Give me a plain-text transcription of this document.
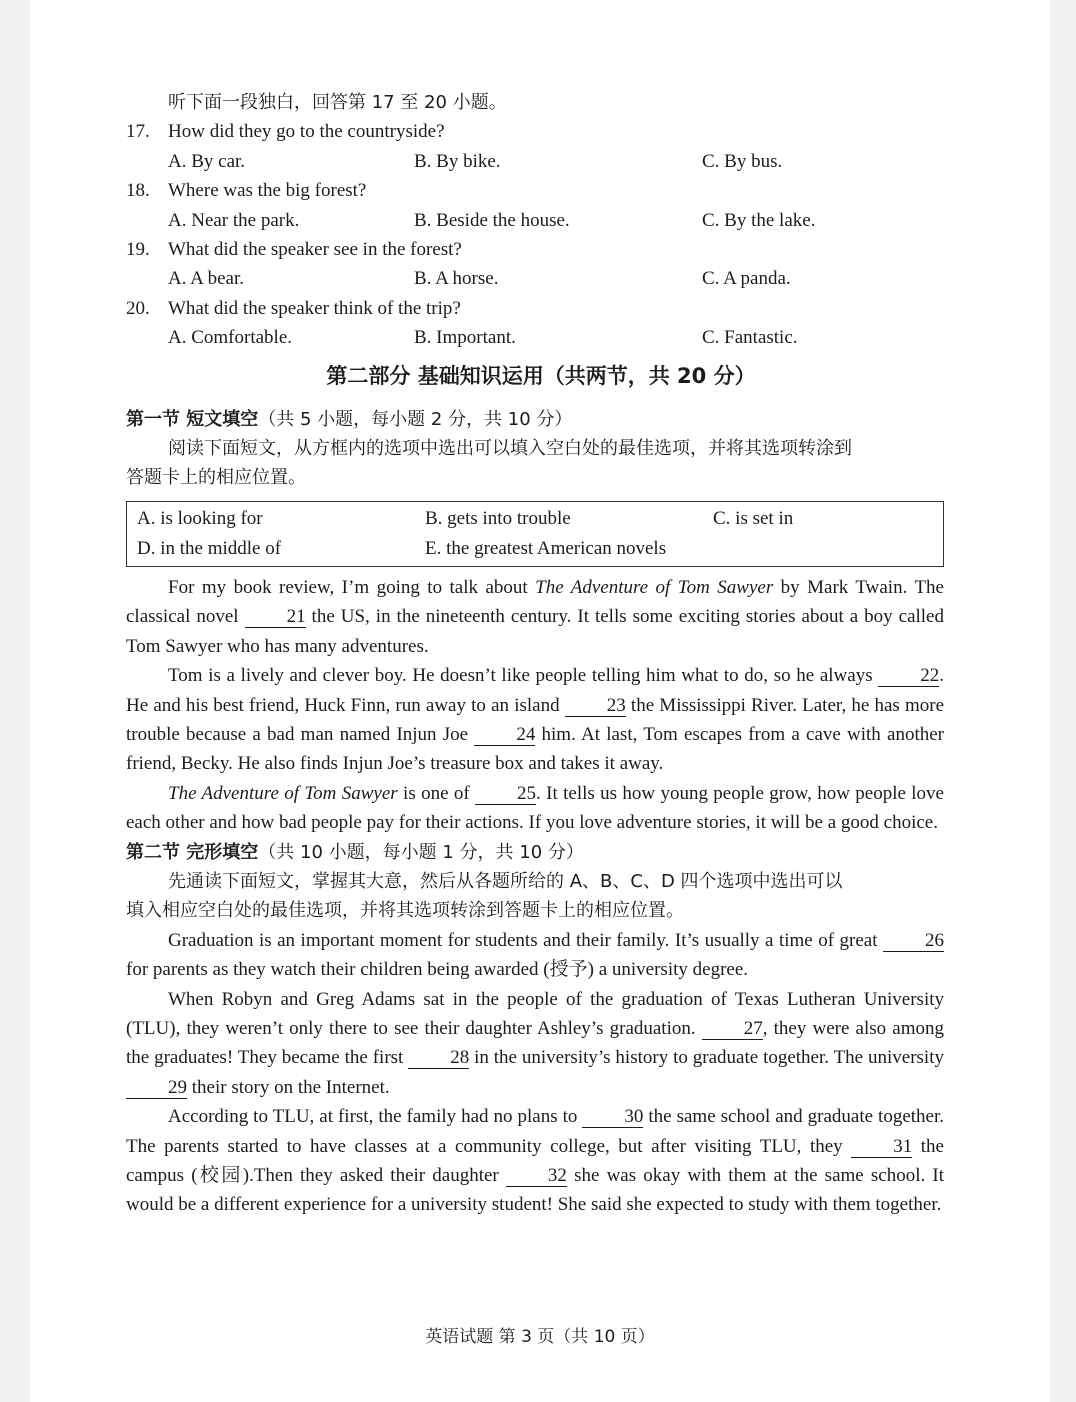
听下面一段独白，回答第 17 至 20 小题。
17. How did they go to the countryside?
A. By car.	B. By bike.	C. By bus.
18. Where was the big forest?
A. Near the park.	B. Beside the house.	C. By the lake.
19. What did the speaker see in the forest?
A. A bear.	B. A horse.	C. A panda.
20. What did the speaker think of the trip?
A. Comfortable.	B. Important.	C. Fantastic.
第二部分 基础知识运用（共两节，共 20 分）
第一节 短文填空（共 5 小题，每小题 2 分，共 10 分）
阅读下面短文，从方框内的选项中选出可以填入空白处的最佳选项，并将其选项转涂到
答题卡上的相应位置。
A. is looking for	B. gets into trouble	C. is set in
D. in the middle of	E. the greatest American novels

For my book review, I’m going to talk about The Adventure of Tom Sawyer by Mark Twain. The classical novel 21 the US, in the nineteenth century. It tells some exciting stories about a boy called Tom Sawyer who has many adventures.

Tom is a lively and clever boy. He doesn’t like people telling him what to do, so he always 22. He and his best friend, Huck Finn, run away to an island 23 the Mississippi River. Later, he has more trouble because a bad man named Injun Joe 24 him. At last, Tom escapes from a cave with another friend, Becky. He also finds Injun Joe’s treasure box and takes it away.

The Adventure of Tom Sawyer is one of 25. It tells us how young people grow, how people love each other and how bad people pay for their actions. If you love adventure stories, it will be a good choice.

第二节 完形填空（共 10 小题，每小题 1 分，共 10 分）
先通读下面短文，掌握其大意，然后从各题所给的 A、B、C、D 四个选项中选出可以
填入相应空白处的最佳选项，并将其选项转涂到答题卡上的相应位置。

Graduation is an important moment for students and their family. It’s usually a time of great 26 for parents as they watch their children being awarded (授予) a university degree.

When Robyn and Greg Adams sat in the people of the graduation of Texas Lutheran University (TLU), they weren’t only there to see their daughter Ashley’s graduation. 27, they were also among the graduates! They became the first 28 in the university’s history to graduate together. The university 29 their story on the Internet.

According to TLU, at first, the family had no plans to 30 the same school and graduate together. The parents started to have classes at a community college, but after visiting TLU, they 31 the campus (校园).Then they asked their daughter 32 she was okay with them at the same school. It would be a different experience for a university student! She said she expected to study with them together.

英语试题 第 3 页（共 10 页）
